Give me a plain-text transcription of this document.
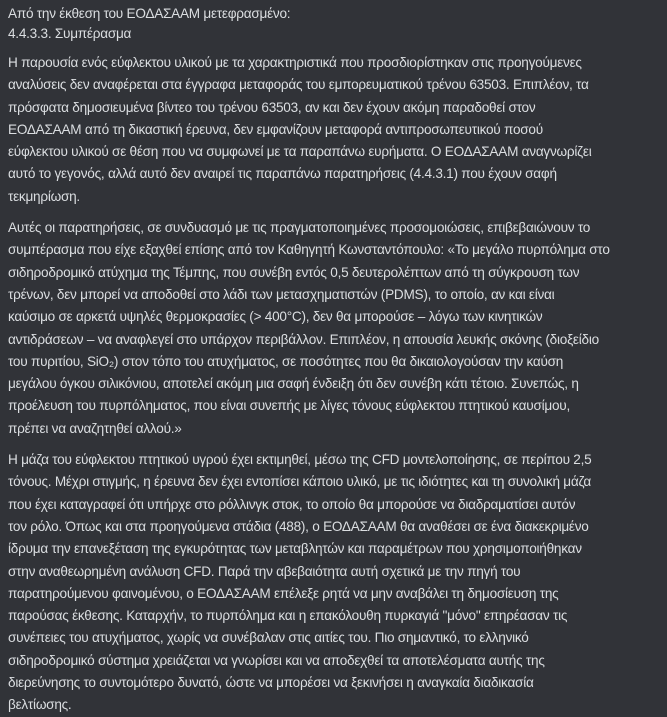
Από την έκθεση του ΕΟΔΑΣΑΑΜ μετεφρασμένο:
4.4.3.3. Συμπέρασμα
Η παρουσία ενός εύφλεκτου υλικού με τα χαρακτηριστικά που προσδιορίστηκαν στις προηγούμενες
αναλύσεις δεν αναφέρεται στα έγγραφα μεταφοράς του εμπορευματικού τρένου 63503. Επιπλέον, τα
πρόσφατα δημοσιευμένα βίντεο του τρένου 63503, αν και δεν έχουν ακόμη παραδοθεί στον
ΕΟΔΑΣΑΑΜ από τη δικαστική έρευνα, δεν εμφανίζουν μεταφορά αντιπροσωπευτικού ποσού
εύφλεκτου υλικού σε θέση που να συμφωνεί με τα παραπάνω ευρήματα. Ο ΕΟΔΑΣΑΑΜ αναγνωρίζει
αυτό το γεγονός, αλλά αυτό δεν αναιρεί τις παραπάνω παρατηρήσεις (4.4.3.1) που έχουν σαφή
τεκμηρίωση.
Αυτές οι παρατηρήσεις, σε συνδυασμό με τις πραγματοποιημένες προσομοιώσεις, επιβεβαιώνουν το
συμπέρασμα που είχε εξαχθεί επίσης από τον Καθηγητή Κωνσταντόπουλο: «Το μεγάλο πυρπόλημα στο
σιδηροδρομικό ατύχημα της Τέμπης, που συνέβη εντός 0,5 δευτερολέπτων από τη σύγκρουση των
τρένων, δεν μπορεί να αποδοθεί στο λάδι των μετασχηματιστών (PDMS), το οποίο, αν και είναι
καύσιμο σε αρκετά υψηλές θερμοκρασίες (> 400°C), δεν θα μπορούσε – λόγω των κινητικών
αντιδράσεων – να αναφλεγεί στο υπάρχον περιβάλλον. Επιπλέον, η απουσία λευκής σκόνης (διοξείδιο
του πυριτίου, SiO₂) στον τόπο του ατυχήματος, σε ποσότητες που θα δικαιολογούσαν την καύση
μεγάλου όγκου σιλικόνιου, αποτελεί ακόμη μια σαφή ένδειξη ότι δεν συνέβη κάτι τέτοιο. Συνεπώς, η
προέλευση του πυρπόληματος, που είναι συνεπής με λίγες τόνους εύφλεκτου πτητικού καυσίμου,
πρέπει να αναζητηθεί αλλού.»
Η μάζα του εύφλεκτου πτητικού υγρού έχει εκτιμηθεί, μέσω της CFD μοντελοποίησης, σε περίπου 2,5
τόνους. Μέχρι στιγμής, η έρευνα δεν έχει εντοπίσει κάποιο υλικό, με τις ιδιότητες και τη συνολική μάζα
που έχει καταγραφεί ότι υπήρχε στο ρόλλινγκ στοκ, το οποίο θα μπορούσε να διαδραματίσει αυτόν
τον ρόλο. Όπως και στα προηγούμενα στάδια (488), ο ΕΟΔΑΣΑΑΜ θα αναθέσει σε ένα διακεκριμένο
ίδρυμα την επανεξέταση της εγκυρότητας των μεταβλητών και παραμέτρων που χρησιμοποιήθηκαν
στην αναθεωρημένη ανάλυση CFD. Παρά την αβεβαιότητα αυτή σχετικά με την πηγή του
παρατηρούμενου φαινομένου, ο ΕΟΔΑΣΑΑΜ επέλεξε ρητά να μην αναβάλει τη δημοσίευση της
παρούσας έκθεσης. Καταρχήν, το πυρπόλημα και η επακόλουθη πυρκαγιά "μόνο" επηρέασαν τις
συνέπειες του ατυχήματος, χωρίς να συνέβαλαν στις αιτίες του. Πιο σημαντικό, το ελληνικό
σιδηροδρομικό σύστημα χρειάζεται να γνωρίσει και να αποδεχθεί τα αποτελέσματα αυτής της
διερεύνησης το συντομότερο δυνατό, ώστε να μπορέσει να ξεκινήσει η αναγκαία διαδικασία
βελτίωσης.
